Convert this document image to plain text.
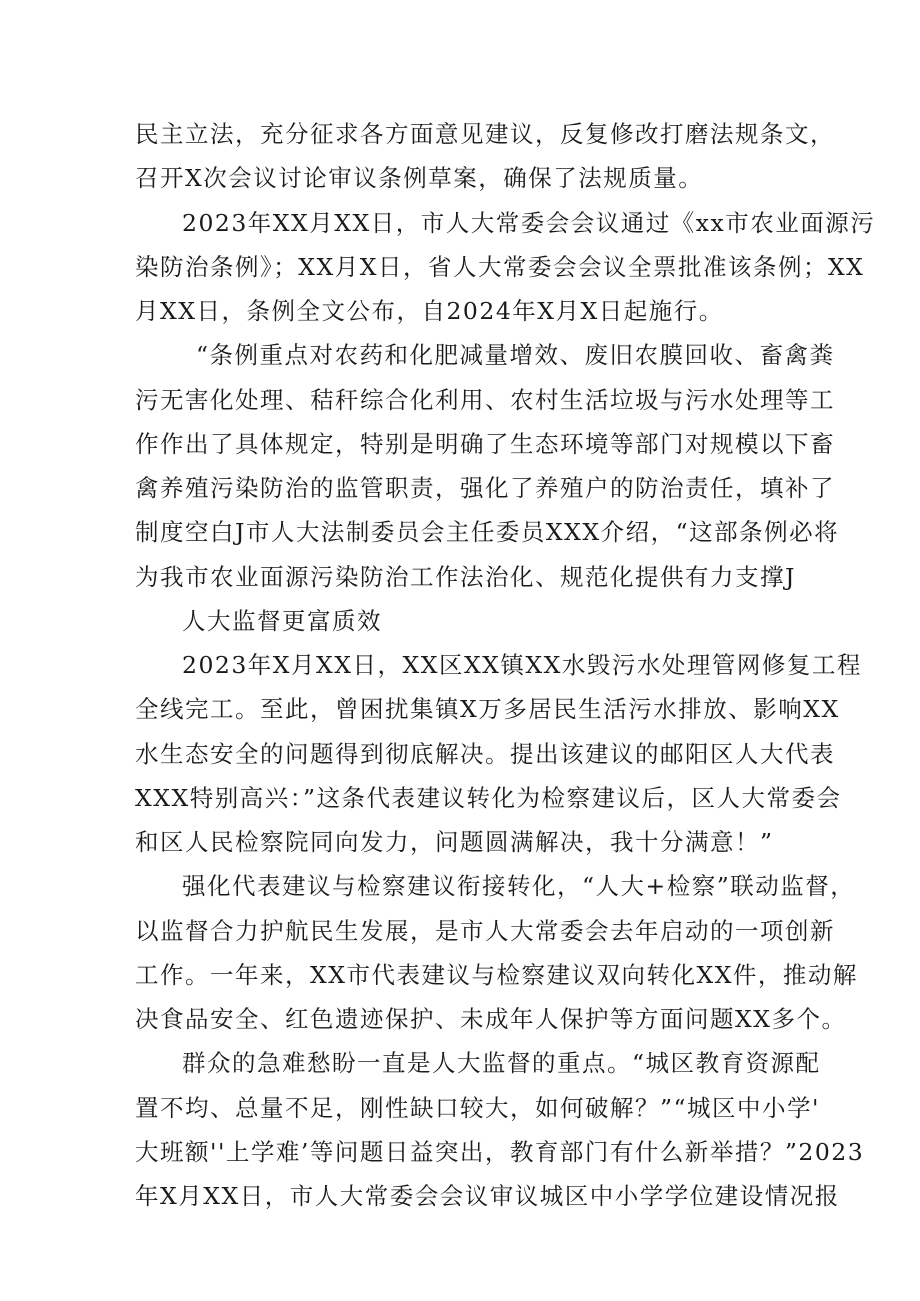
民主立法，充分征求各方面意见建议，反复修改打磨法规条文，
召开X次会议讨论审议条例草案，确保了法规质量。
2023年XX月XX日，市人大常委会会议通过《xx市农业面源污
染防治条例》；XX月X日，省人大常委会会议全票批准该条例；XX
月XX日，条例全文公布，自2024年X月X日起施行。
“条例重点对农药和化肥减量增效、废旧农膜回收、畜禽粪
污无害化处理、秸秆综合化利用、农村生活垃圾与污水处理等工
作作出了具体规定，特别是明确了生态环境等部门对规模以下畜
禽养殖污染防治的监管职责，强化了养殖户的防治责任，填补了
制度空白J市人大法制委员会主任委员XXX介绍，“这部条例必将
为我市农业面源污染防治工作法治化、规范化提供有力支撑J
人大监督更富质效
2023年X月XX日，XX区XX镇XX水毁污水处理管网修复工程
全线完工。至此，曾困扰集镇X万多居民生活污水排放、影响XX
水生态安全的问题得到彻底解决。提出该建议的邮阳区人大代表
XXX特别高兴：”这条代表建议转化为检察建议后，区人大常委会
和区人民检察院同向发力，问题圆满解决，我十分满意！”
强化代表建议与检察建议衔接转化，“人大+检察”联动监督，
以监督合力护航民生发展，是市人大常委会去年启动的一项创新
工作。一年来，XX市代表建议与检察建议双向转化XX件，推动解
决食品安全、红色遗迹保护、未成年人保护等方面问题XX多个。
群众的急难愁盼一直是人大监督的重点。“城区教育资源配
置不均、总量不足，刚性缺口较大，如何破解？”“城区中小学'
大班额''上学难’等问题日益突出，教育部门有什么新举措？”2023
年X月XX日，市人大常委会会议审议城区中小学学位建设情况报
